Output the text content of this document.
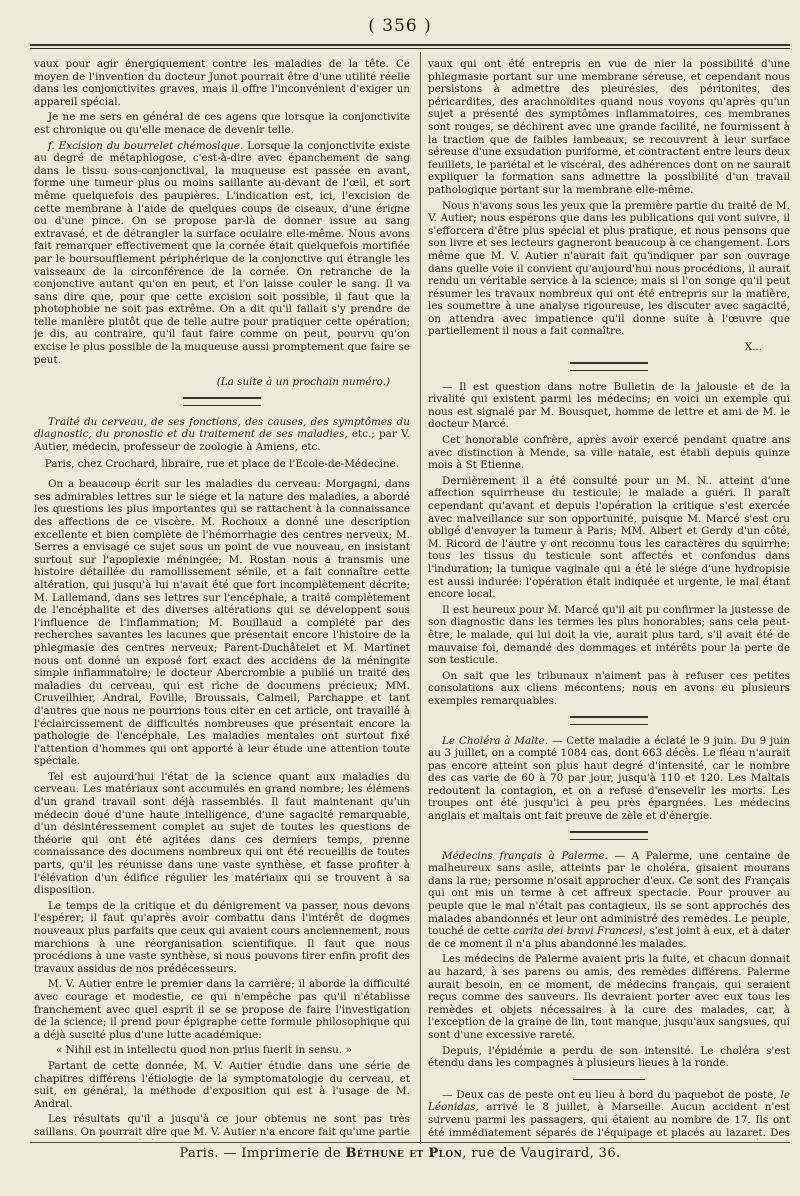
( 356 )

vaux pour agir énergiquement contre les maladies de la tête. Ce moyen de l'invention du docteur Junot pourrait être d'une utilité réelle dans les conjonctivites graves, mais il offre l'inconvénient d'exiger un appareil spécial.

Je ne me sers en général de ces agens que lorsque la conjonctivite est chronique ou qu'elle menace de devenir telle.

f. Excision du bourrelet chémosique. Lorsque la conjonctivite existe au degré de métaphlogose, c'est-à-dire avec épanchement de sang dans le tissu sous-conjonctival, la muqueuse est passée en avant, forme une tumeur plus ou moins saillante au-devant de l'œil, et sort même quelquefois des paupières. L'indication est, ici, l'excision de cette membrane à l'aide de quelques coups de ciseaux, d'une érigne ou d'une pince. On se propose par-là de donner issue au sang extravasé, et de détrangler la surface oculaire elle-même. Nous avons fait remarquer effectivement que la cornée était quelquefois mortifiée par le boursoufflement périphérique de la conjonctive qui étrangle les vaisseaux de la circonférence de la cornée. On retranche de la conjonctive autant qu'on en peut, et l'on laisse couler le sang. Il va sans dire que, pour que cette excision soit possible, il faut que la photophobie ne soit pas extrême. On a dit qu'il fallait s'y prendre de telle manière plutôt que de telle autre pour pratiquer cette opération; je dis, au contraire, qu'il faut faire comme on peut, pourvu qu'on excise le plus possible de la muqueuse aussi promptement que faire se peut.

(La suite à un prochain numéro.)

Traité du cerveau, de ses fonctions, des causes, des symptômes du diagnostic, du pronostic et du traitement de ses maladies, etc.; par V. Autier, médecin, professeur de zoologie à Amiens, etc.

Paris, chez Crochard, libraire, rue et place de l'Ecole-de-Médecine.

On a beaucoup écrit sur les maladies du cerveau: Morgagni, dans ses admirables lettres sur le siége et la nature des maladies, a abordé les questions les plus importantes qui se rattachent à la connaissance des affections de ce viscère. M. Rochoux a donné une description excellente et bien complète de l'hémorrhagie des centres nerveux; M. Serres a envisagé ce sujet sous un point de vue nouveau, en insistant surtout sur l'apoplexie méningée; M. Rostan nous a transmis une histoire détaillée du ramollissement sénile, et a fait connaître cette altération, qui jusqu'à lui n'avait été que fort incomplètement décrite; M. Lallemand, dans ses lettres sur l'encéphale, a traité complètement de l'encéphalite et des diverses altérations qui se développent sous l'influence de l'inflammation; M. Bouillaud a complété par des recherches savantes les lacunes que présentait encore l'histoire de la phlegmasie des centres nerveux; Parent-Duchâtelet et M. Martinet nous ont donné un exposé fort exact des accidens de la méningite simple inflammatoire; le docteur Abercrombie a publié un traité des maladies du cerveau, qui est riche de documens précieux; MM. Cruveilhier, Andral, Foville, Broussais, Calmeil, Parchappe et tant d'autres que nous ne pourrions tous citer en cet article, ont travaillé à l'éclaircissement de difficultés nombreuses que présentait encore la pathologie de l'encéphale. Les maladies mentales ont surtout fixé l'attention d'hommes qui ont apporté à leur étude une attention toute spéciale.

Tel est aujourd'hui l'état de la science quant aux maladies du cerveau. Les matériaux sont accumulés en grand nombre; les élémens d'un grand travail sont déjà rassemblés. Il faut maintenant qu'un médecin doué d'une haute intelligence, d'une sagacité remarquable, d'un désintéressement complet au sujet de toutes les questions de théorie qui ont été agitées dans ces derniers temps, prenne connaissance des documens nombreux qui ont été recueillis de toutes parts, qu'il les réunisse dans une vaste synthèse, et fasse profiter à l'élévation d'un édifice régulier les matériaux qui se trouvent à sa disposition.

Le temps de la critique et du dénigrement va passer, nous devons l'espérer; il faut qu'après avoir combattu dans l'intérêt de dogmes nouveaux plus parfaits que ceux qui avaient cours anciennement, nous marchions à une réorganisation scientifique. Il faut que nous procédions à une vaste synthèse, si nous pouvons tirer enfin profit des travaux assidus de nos prédécesseurs.

M. V. Autier entre le premier dans la carrière; il aborde la difficulté avec courage et modestie, ce qui n'empêche pas qu'il n'établisse franchement avec quel esprit il se se propose de faire l'investigation de la science; il prend pour épigraphe cette formule philosophique qui a déjà suscité plus d'une lutte académique:

« Nihil est in intellectu quod non prius fuerit in sensu. »

Partant de cette donnée, M. V. Autier étudie dans une série de chapitres différens l'étiologie de la symptomatologie du cerveau, et suit, en général, la méthode d'exposition qui est à l'usage de M. Andral.

Les résultats qu'il a jusqu'à ce jour obtenus ne sont pas très saillans. On pourrait dire que M. V. Autier n'a encore fait qu'une partie

vaux qui ont été entrepris en vue de nier la possibilité d'une phlegmasie portant sur une membrane séreuse, et cependant nous persistons à admettre des pleurésies, des péritonites, des péricardites, des arachnoïdites quand nous voyons qu'après qu'un sujet a présenté des symptômes inflammatoires, ces membranes sont rouges, se déchirent avec une grande facilité, ne fournissent à la traction que de faibles lambeaux, se recouvrent à leur surface séreuse d'une exsudation puriforme, et contractent entre leurs deux feuillets, le pariétal et le viscéral, des adhérences dont on ne saurait expliquer la formation sans admettre la possibilité d'un travail pathologique portant sur la membrane elle-même.

Nous n'avons sous les yeux que la première partie du traité de M. V. Autier; nous espérons que dans les publications qui vont suivre, il s'efforcera d'être plus spécial et plus pratique, et nous pensons que son livre et ses lecteurs gagneront beaucoup à ce changement. Lors même que M. V. Autier n'aurait fait qu'indiquer par son ouvrage dans quelle voie il convient qu'aujourd'hui nous procédions, il aurait rendu un véritable service à la science; mais si l'on songe qu'il peut résumer les travaux nombreux qui ont été entrepris sur la matière, les soumettre à une analyse rigoureuse, les discuter avec sagacité, on attendra avec impatience qu'il donne suite à l'œuvre que partiellement il nous a fait connaître.

X...

— Il est question dans notre Bulletin de la jalousie et de la rivalité qui existent parmi les médecins; en voici un exemple qui nous est signalé par M. Bousquet, homme de lettre et ami de M. le docteur Marcé.

Cet honorable confrère, après avoir exercé pendant quatre ans avec distinction à Mende, sa ville natale, est établi depuis quinze mois à St Etienne.

Dernièrement il a été consulté pour un M. N.. atteint d'une affection squirrheuse du testicule; le malade a guéri. Il paraît cependant qu'avant et depuis l'opération la critique s'est exercée avec malveillance sur son opportunité, puisque M. Marcé s'est cru obligé d'envoyer la tumeur à Paris; MM. Albert et Gerdy d'un côté, M. Ricord de l'autre y ont reconnu tous les caractères du squirrhe; tous les tissus du testicule sont affectés et confondus dans l'induration; la tunique vaginale qui a été le siége d'une hydropisie est aussi indurée: l'opération était indiquée et urgente, le mal étant encore local.

Il est heureux pour M. Marcé qu'il ait pu confirmer la justesse de son diagnostic dans les termes les plus honorables; sans cela peut-être, le malade, qui lui doit la vie, aurait plus tard, s'il avait été de mauvaise foi, demandé des dommages et intérêts pour la perte de son testicule.

On sait que les tribunaux n'aiment pas à refuser ces petites consolations aux cliens mécontens; nous en avons eu plusieurs exemples remarquables.

Le Choléra à Malte. — Cette maladie a éclaté le 9 juin. Du 9 juin au 3 juillet, on a compté 1084 cas, dont 663 décès. Le fléau n'aurait pas encore atteint son plus haut degré d'intensité, car le nombre des cas varie de 60 à 70 par jour, jusqu'à 110 et 120. Les Maltais redoutent la contagion, et on a refusé d'ensevelir les morts. Les troupes ont été jusqu'ici à peu près épargnées. Les médecins anglais et maltais ont fait preuve de zèle et d'énergie.

Médecins français à Palerme. — A Palerme, une centaine de malheureux sans asile, atteints par le choléra, gisaient mourans dans la rue; personne n'osait approcher d'eux. Ce sont des Français qui ont mis un terme à cet affreux spectacle. Pour prouver au peuple que le mal n'était pas contagieux, ils se sont approchés des malades abandonnés et leur ont administré des remèdes. Le peuple, touché de cette carita dei bravi Francesi, s'est joint à eux, et à dater de ce moment il n'a plus abandonné les malades.

Les médecins de Palerme avaient pris la fuite, et chacun donnait au hazard, à ses parens ou amis, des remèdes différens. Palerme aurait besoin, en ce moment, de médecins français, qui seraient reçus comme des sauveurs. Ils devraient porter avec eux tous les remèdes et objets nécessaires à la cure des malades, car, à l'exception de la graine de lin, tout manque, jusqu'aux sangsues, qui sont d'une excessive rareté.

Depuis, l'épidémie a perdu de son intensité. Le choléra s'est étendu dans les compagnes à plusieurs lieues à la ronde.

— Deux cas de peste ont eu lieu à bord du paquebot de poste, le Léonidas, arrivé le 8 juillet, à Marseille. Aucun accident n'est survenu parmi les passagers, qui étaient au nombre de 17. Ils ont été immédiatement séparés de l'équipage et placés au lazaret. Des

Paris. — Imprimerie de Béthune et Plon, rue de Vaugirard, 36.
